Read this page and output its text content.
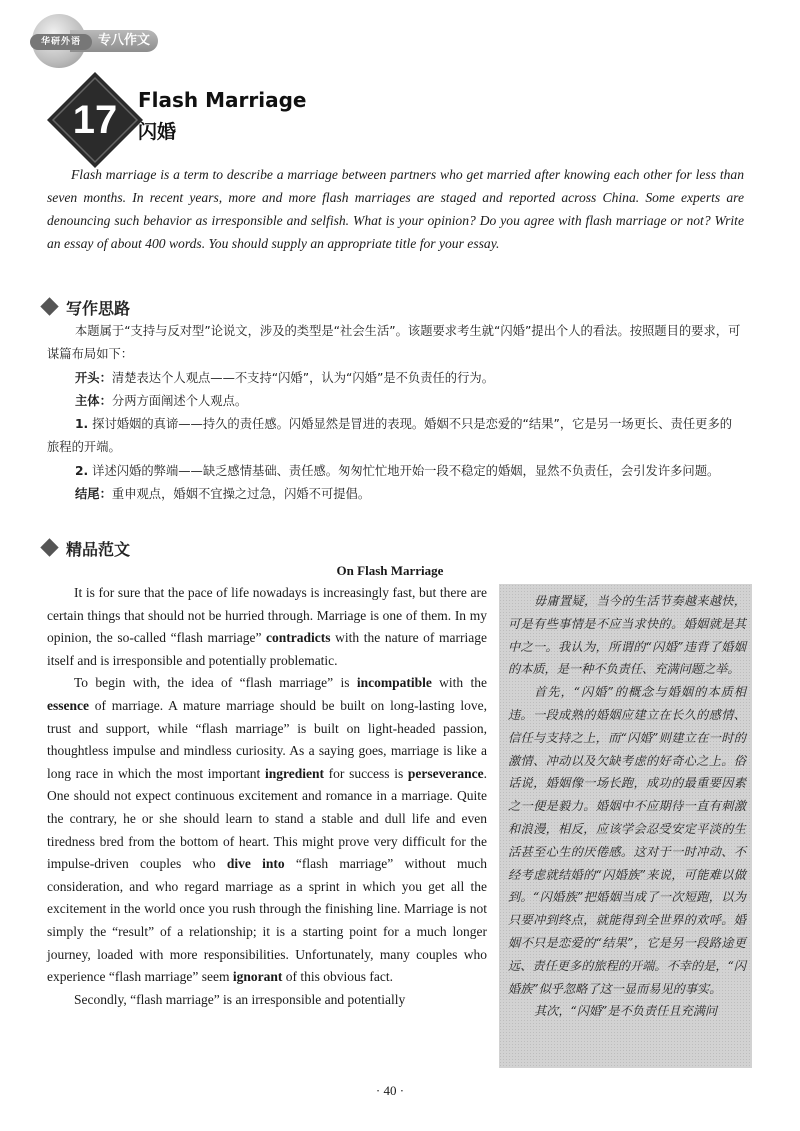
专八作文
华研外语
17 Flash Marriage
闪婚
Flash marriage is a term to describe a marriage between partners who get married after knowing each other for less than seven months. In recent years, more and more flash marriages are staged and reported across China. Some experts are denouncing such behavior as irresponsible and selfish. What is your opinion? Do you agree with flash marriage or not? Write an essay of about 400 words. You should supply an appropriate title for your essay.
写作思路

本题属于“支持与反对型”论说文，涉及的类型是“社会生活”。该题要求考生就“闪婚”提出个人的看法。按照题目的要求，可谋篇布局如下：

开头：清楚表达个人观点——不支持“闪婚”，认为“闪婚”是不负责任的行为。

主体：分两方面阐述个人观点。

1. 探讨婚姻的真谛——持久的责任感。闪婚显然是冒进的表现。婚姻不只是恋爱的“结果”，它是另一场更长、责任更多的旅程的开端。

2. 详述闪婚的弊端——缺乏感情基础、责任感。匆匆忙忙地开始一段不稳定的婚姻，显然不负责任，会引发许多问题。

结尾：重申观点，婚姻不宜操之过急，闪婚不可提倡。

精品范文
On Flash Marriage

It is for sure that the pace of life nowadays is increasingly fast, but there are certain things that should not be hurried through. Marriage is one of them. In my opinion, the so-called “flash marriage” contradicts with the nature of marriage itself and is irresponsible and potentially problematic.

To begin with, the idea of “flash marriage” is incompatible with the essence of marriage. A mature marriage should be built on long-lasting love, trust and support, while “flash marriage” is built on light-headed passion, thoughtless impulse and mindless curiosity. As a saying goes, marriage is like a long race in which the most important ingredient for success is perseverance. One should not expect continuous excitement and romance in a marriage. Quite the contrary, he or she should learn to stand a stable and dull life and even tiredness bred from the bottom of heart. This might prove very difficult for the impulse-driven couples who dive into “flash marriage” without much consideration, and who regard marriage as a sprint in which you get all the excitement in the world once you rush through the finishing line. Marriage is not simply the “result” of a relationship; it is a starting point for a much longer journey, loaded with more responsibilities. Unfortunately, many couples who experience “flash marriage” seem ignorant of this obvious fact.

Secondly, “flash marriage” is an irresponsible and potentially

毋庸置疑，当今的生活节奏越来越快，可是有些事情是不应当求快的。婚姻就是其中之一。我认为，所谓的“闪婚”违背了婚姻的本质，是一种不负责任、充满问题之举。

首先，“闪婚”的概念与婚姻的本质相违。一段成熟的婚姻应建立在长久的感情、信任与支持之上，而“闪婚”则建立在一时的激情、冲动以及欠缺考虑的好奇心之上。俗话说，婚姻像一场长跑，成功的最重要因素之一便是毅力。婚姻中不应期待一直有刺激和浪漫，相反，应该学会忍受安定平淡的生活甚至心生的厌倦感。这对于一时冲动、不经考虑就结婚的“闪婚族”来说，可能难以做到。“闪婚族”把婚姻当成了一次短跑，以为只要冲到终点，就能得到全世界的欢呼。婚姻不只是恋爱的“结果”，它是另一段路途更远、责任更多的旅程的开端。不幸的是，“闪婚族”似乎忽略了这一显而易见的事实。

其次，“闪婚”是不负责任且充满问

· 40 ·
